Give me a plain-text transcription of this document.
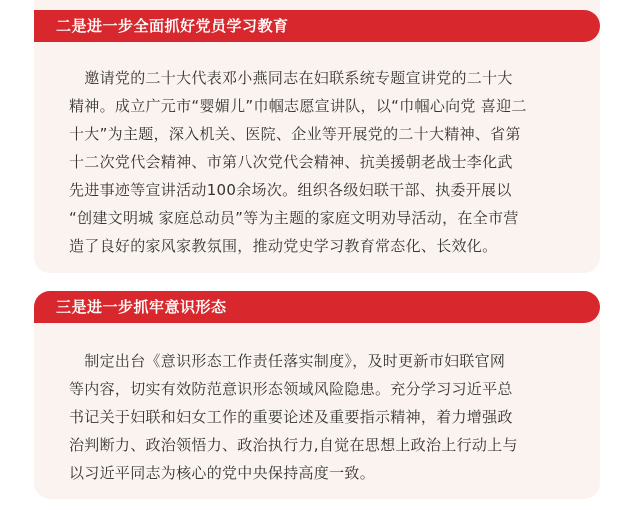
二是进一步全面抓好党员学习教育
　邀请党的二十大代表邓小燕同志在妇联系统专题宣讲党的二十大
精神。成立广元市“婴媚儿”巾帼志愿宣讲队，以“巾帼心向党 喜迎二
十大”为主题，深入机关、医院、企业等开展党的二十大精神、省第
十二次党代会精神、市第八次党代会精神、抗美援朝老战士李化武
先进事迹等宣讲活动100余场次。组织各级妇联干部、执委开展以
“创建文明城 家庭总动员”等为主题的家庭文明劝导活动，在全市营
造了良好的家风家教氛围，推动党史学习教育常态化、长效化。
三是进一步抓牢意识形态
　制定出台《意识形态工作责任落实制度》，及时更新市妇联官网
等内容，切实有效防范意识形态领域风险隐患。充分学习习近平总
书记关于妇联和妇女工作的重要论述及重要指示精神，着力增强政
治判断力、政治领悟力、政治执行力,自觉在思想上政治上行动上与
以习近平同志为核心的党中央保持高度一致。
